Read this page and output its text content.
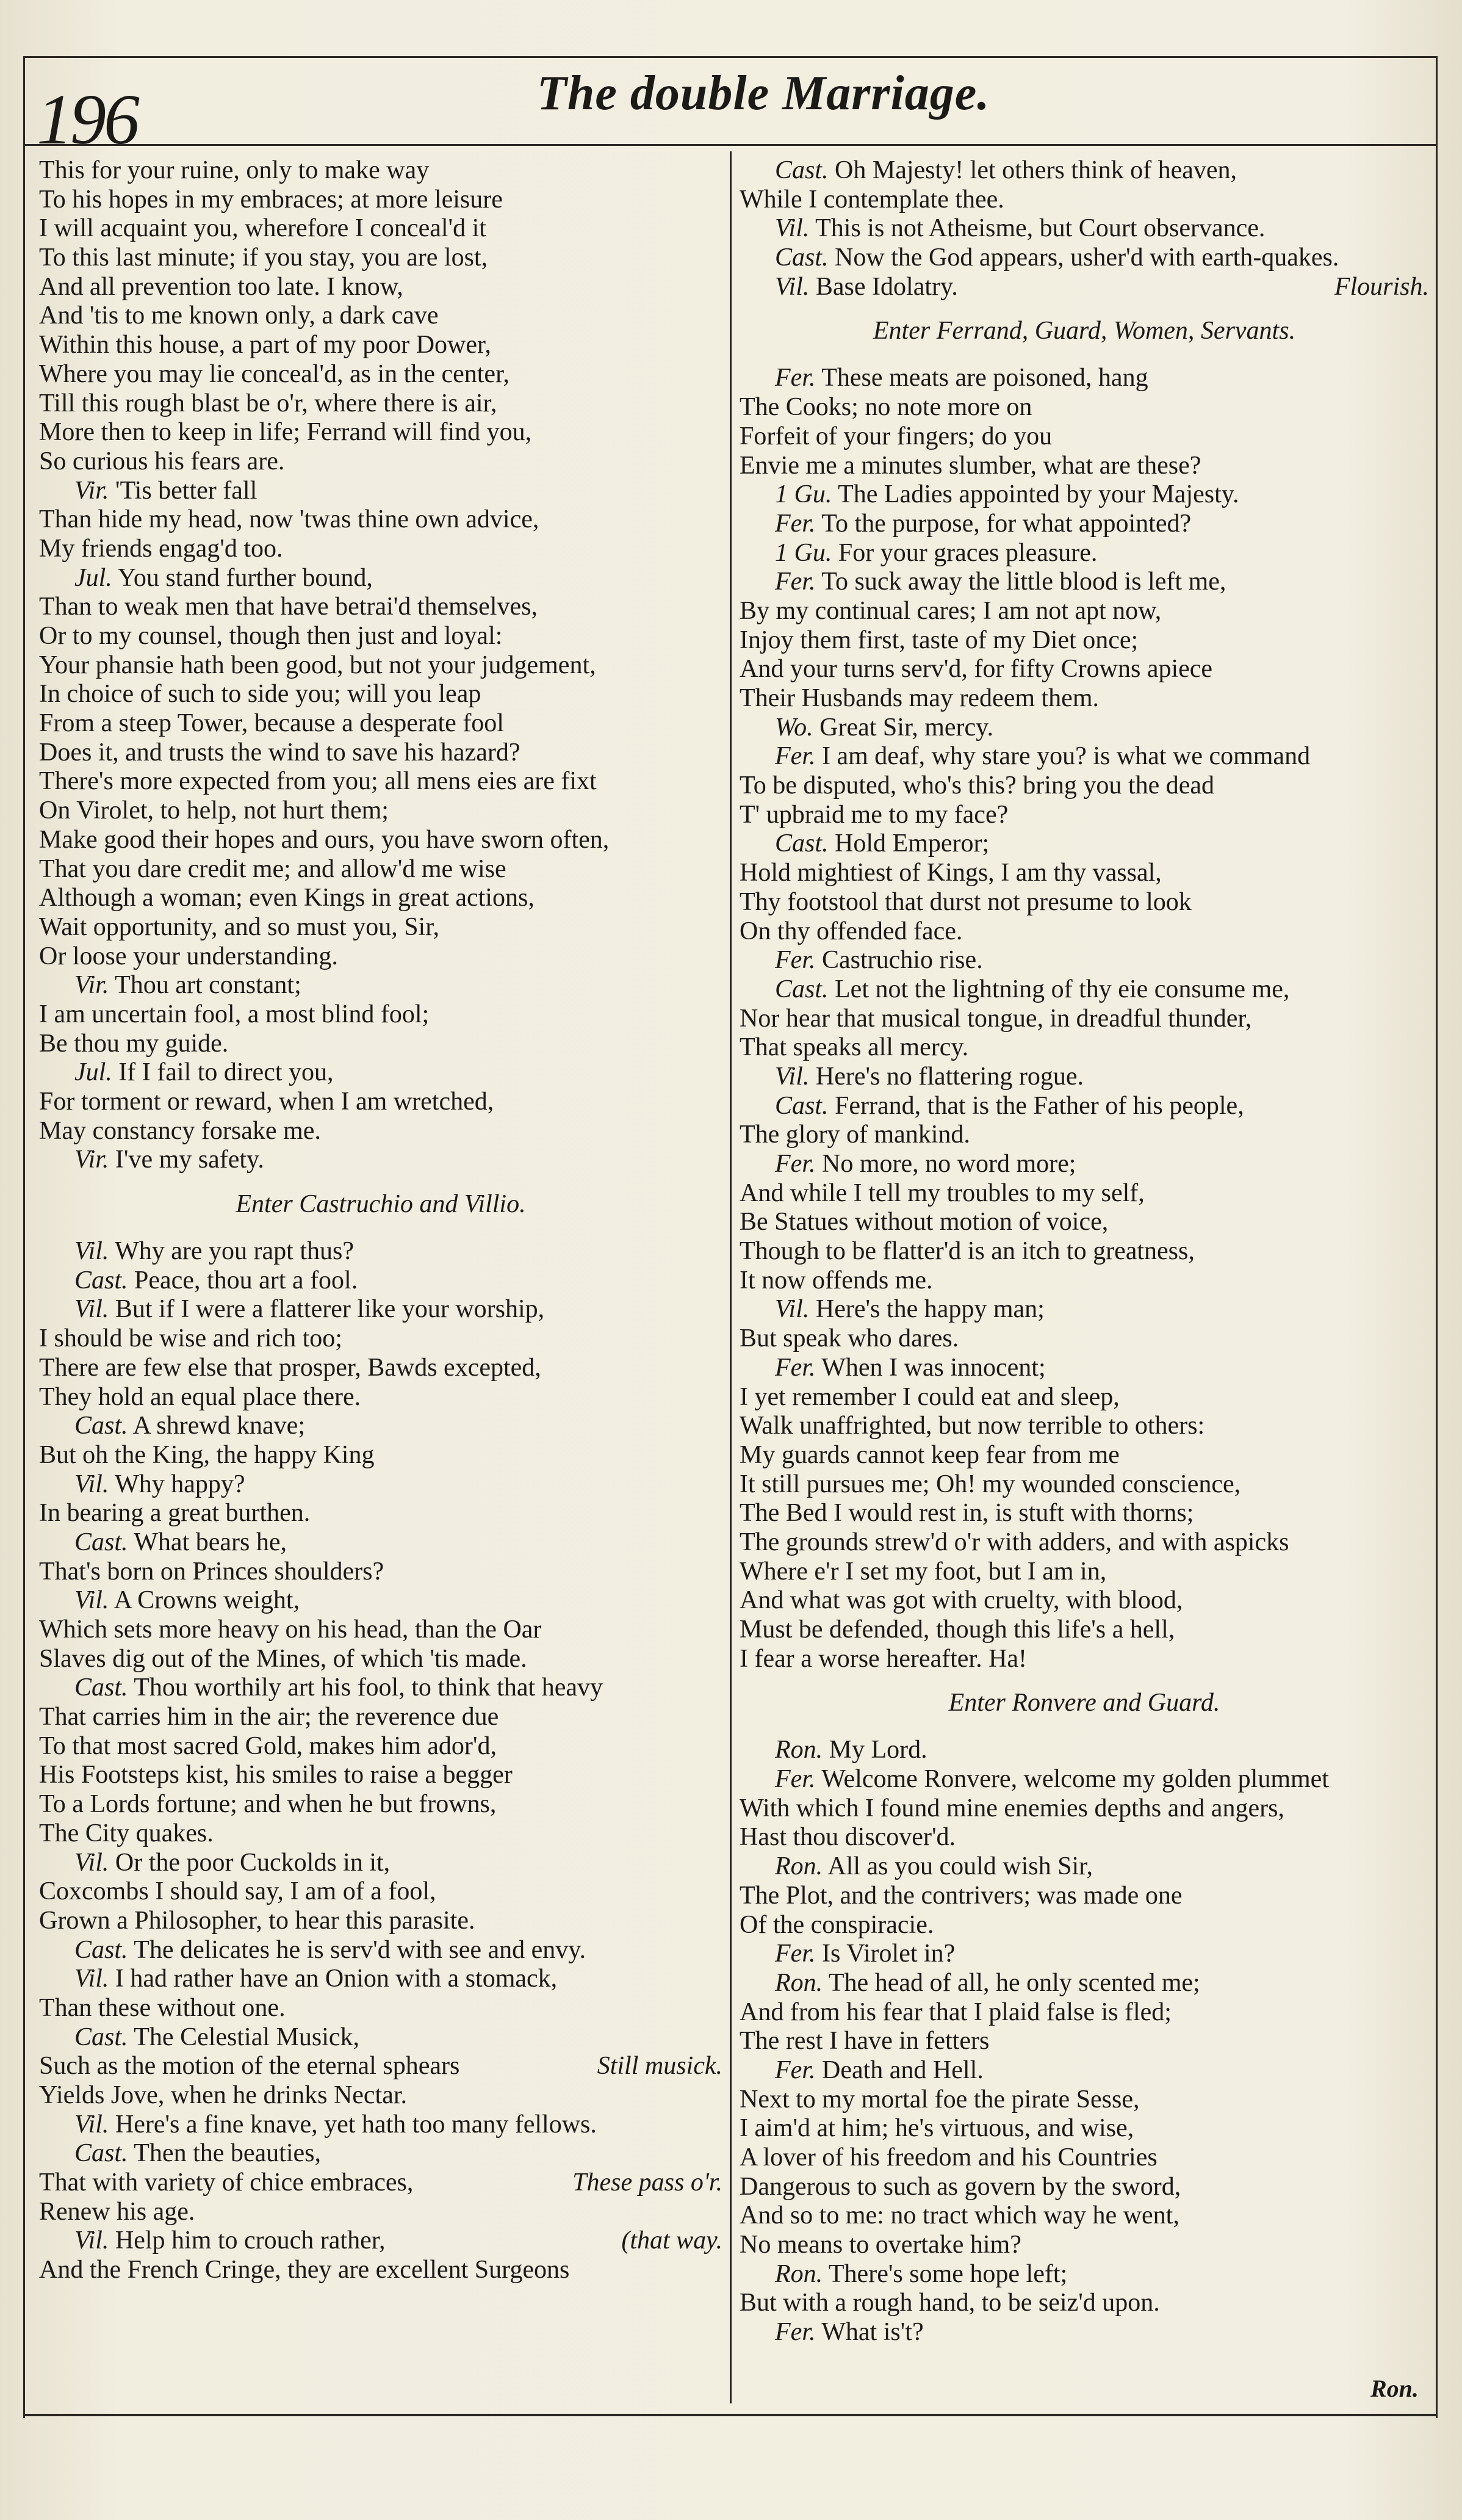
196	The double Marriage.
This for your ruine, only to make way
To his hopes in my embraces; at more leisure
I will acquaint you, wherefore I conceal'd it
To this last minute; if you stay, you are lost,
And all prevention too late. I know,
And 'tis to me known only, a dark cave
Within this house, a part of my poor Dower,
Where you may lie conceal'd, as in the center,
Till this rough blast be o'r, where there is air,
More then to keep in life; Ferrand will find you,
So curious his fears are.
Vir. 'Tis better fall
Than hide my head, now 'twas thine own advice,
My friends engag'd too.
Jul. You stand further bound,
Than to weak men that have betrai'd themselves,
Or to my counsel, though then just and loyal:
Your phansie hath been good, but not your judgement,
In choice of such to side you; will you leap
From a steep Tower, because a desperate fool
Does it, and trusts the wind to save his hazard?
There's more expected from you; all mens eies are fixt
On Virolet, to help, not hurt them;
Make good their hopes and ours, you have sworn often,
That you dare credit me; and allow'd me wise
Although a woman; even Kings in great actions,
Wait opportunity, and so must you, Sir,
Or loose your understanding.
Vir. Thou art constant;
I am uncertain fool, a most blind fool;
Be thou my guide.
Jul. If I fail to direct you,
For torment or reward, when I am wretched,
May constancy forsake me.
Vir. I've my safety.
Enter Castruchio and Villio.
Vil. Why are you rapt thus?
Cast. Peace, thou art a fool.
Vil. But if I were a flatterer like your worship,
I should be wise and rich too;
There are few else that prosper, Bawds excepted,
They hold an equal place there.
Cast. A shrewd knave;
But oh the King, the happy King
Vil. Why happy?
In bearing a great burthen.
Cast. What bears he,
That's born on Princes shoulders?
Vil. A Crowns weight,
Which sets more heavy on his head, than the Oar
Slaves dig out of the Mines, of which 'tis made.
Cast. Thou worthily art his fool, to think that heavy
That carries him in the air; the reverence due
To that most sacred Gold, makes him ador'd,
His Footsteps kist, his smiles to raise a begger
To a Lords fortune; and when he but frowns,
The City quakes.
Vil. Or the poor Cuckolds in it,
Coxcombs I should say, I am of a fool,
Grown a Philosopher, to hear this parasite.
Cast. The delicates he is serv'd with see and envy.
Vil. I had rather have an Onion with a stomack,
Than these without one.
Cast. The Celestial Musick,
Such as the motion of the eternal sphears	Still musick.
Yields Jove, when he drinks Nectar.
Vil. Here's a fine knave, yet hath too many fellows.
Cast. Then the beauties,
That with variety of chice embraces,	These pass o'r.
Renew his age.
Vil. Help him to crouch rather,	(that way.
And the French Cringe, they are excellent Surgeons
Cast. Oh Majesty! let others think of heaven,
While I contemplate thee.
Vil. This is not Atheisme, but Court observance.
Cast. Now the God appears, usher'd with earth-quakes.
Vil. Base Idolatry.	Flourish.
Enter Ferrand, Guard, Women, Servants.
Fer. These meats are poisoned, hang
The Cooks; no note more on
Forfeit of your fingers; do you
Envie me a minutes slumber, what are these?
1 Gu. The Ladies appointed by your Majesty.
Fer. To the purpose, for what appointed?
1 Gu. For your graces pleasure.
Fer. To suck away the little blood is left me,
By my continual cares; I am not apt now,
Injoy them first, taste of my Diet once;
And your turns serv'd, for fifty Crowns apiece
Their Husbands may redeem them.
Wo. Great Sir, mercy.
Fer. I am deaf, why stare you? is what we command
To be disputed, who's this? bring you the dead
T' upbraid me to my face?
Cast. Hold Emperor;
Hold mightiest of Kings, I am thy vassal,
Thy footstool that durst not presume to look
On thy offended face.
Fer. Castruchio rise.
Cast. Let not the lightning of thy eie consume me,
Nor hear that musical tongue, in dreadful thunder,
That speaks all mercy.
Vil. Here's no flattering rogue.
Cast. Ferrand, that is the Father of his people,
The glory of mankind.
Fer. No more, no word more;
And while I tell my troubles to my self,
Be Statues without motion of voice,
Though to be flatter'd is an itch to greatness,
It now offends me.
Vil. Here's the happy man;
But speak who dares.
Fer. When I was innocent;
I yet remember I could eat and sleep,
Walk unaffrighted, but now terrible to others:
My guards cannot keep fear from me
It still pursues me; Oh! my wounded conscience,
The Bed I would rest in, is stuft with thorns;
The grounds strew'd o'r with adders, and with aspicks
Where e'r I set my foot, but I am in,
And what was got with cruelty, with blood,
Must be defended, though this life's a hell,
I fear a worse hereafter. Ha!
Enter Ronvere and Guard.
Ron. My Lord.
Fer. Welcome Ronvere, welcome my golden plummet
With which I found mine enemies depths and angers,
Hast thou discover'd.
Ron. All as you could wish Sir,
The Plot, and the contrivers; was made one
Of the conspiracie.
Fer. Is Virolet in?
Ron. The head of all, he only scented me;
And from his fear that I plaid false is fled;
The rest I have in fetters
Fer. Death and Hell.
Next to my mortal foe the pirate Sesse,
I aim'd at him; he's virtuous, and wise,
A lover of his freedom and his Countries
Dangerous to such as govern by the sword,
And so to me: no tract which way he went,
No means to overtake him?
Ron. There's some hope left;
But with a rough hand, to be seiz'd upon.
Fer. What is't?
Ron.
